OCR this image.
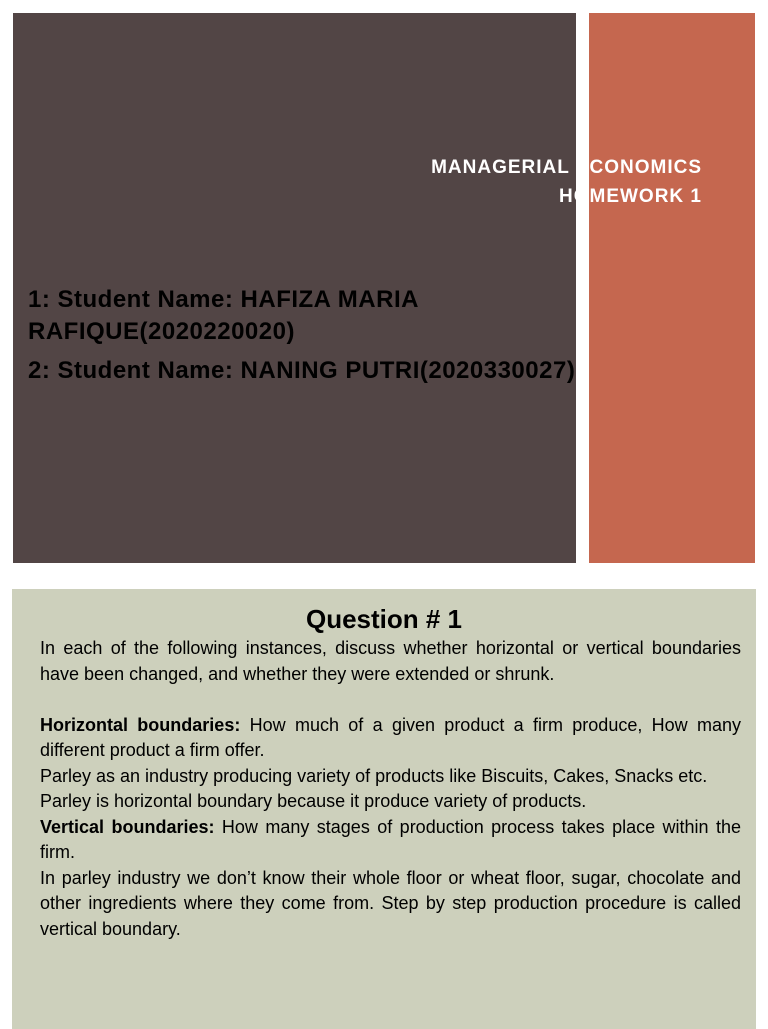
MANAGERIAL ECONOMICS
HOMEWORK 1

1: Student Name: HAFIZA MARIA
RAFIQUE(2020220020)

2: Student Name: NANING PUTRI(2020330027)

Question # 1

In each of the following instances, discuss whether horizontal or vertical boundaries have been changed, and whether they were extended or shrunk.

Horizontal boundaries: How much of a given product a firm produce, How many different product a firm offer.

Parley as an industry producing variety of products like Biscuits, Cakes, Snacks etc.

Parley is horizontal boundary because it produce variety of products.

Vertical boundaries: How many stages of production process takes place within the firm.

In parley industry we don’t know their whole floor or wheat floor, sugar, chocolate and other ingredients where they come from. Step by step production procedure is called vertical boundary.
